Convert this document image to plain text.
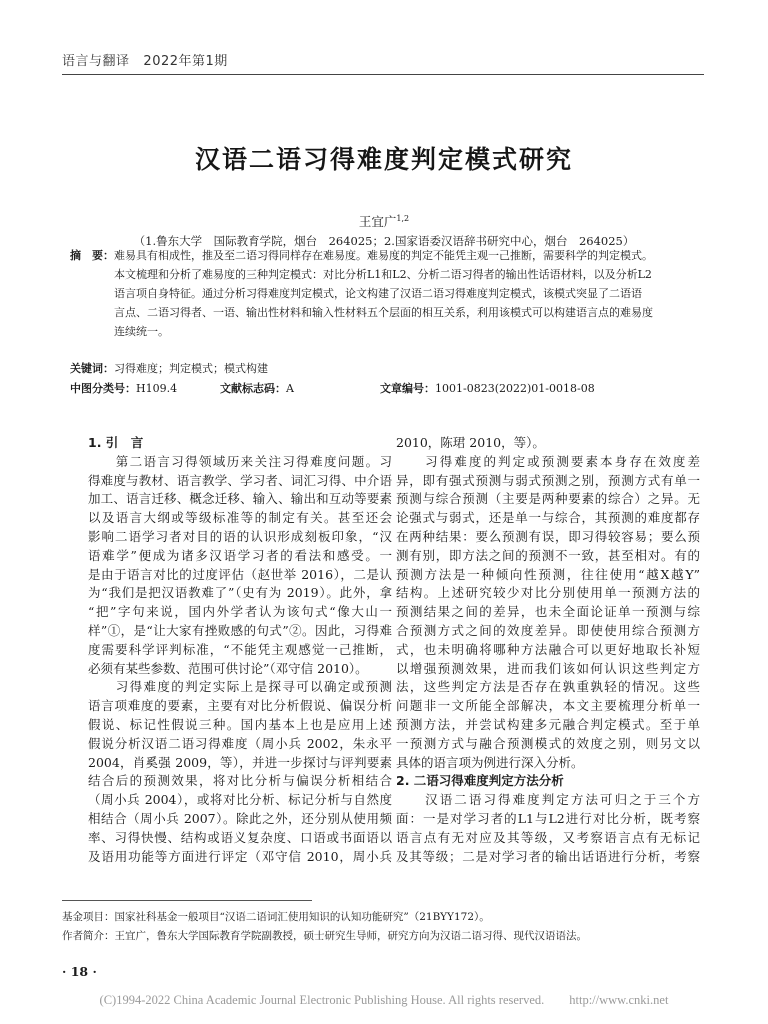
语言与翻译 2022年第1期
汉语二语习得难度判定模式研究
王宜广$^{1,2}$
（1.鲁东大学　国际教育学院，烟台　264025；2.国家语委汉语辞书研究中心，烟台　264025）
摘　要：难易具有相成性，推及至二语习得同样存在难易度。难易度的判定不能凭主观一己推断，需要科学的判定模式。
本文梳理和分析了难易度的三种判定模式：对比分析L1和L2、分析二语习得者的输出性话语材料，以及分析L2
语言项自身特征。通过分析习得难度判定模式，论文构建了汉语二语习得难度判定模式，该模式突显了二语语
言点、二语习得者、一语、输出性材料和输入性材料五个层面的相互关系，利用该模式可以构建语言点的难易度
连续统一。
关键词：习得难度；判定模式；模式构建
中图分类号：H109.4	文献标志码：A	文章编号：1001-0823(2022)01-0018-08
1. 引　言
　　第二语言习得领域历来关注习得难度问题。习
得难度与教材、语言教学、学习者、词汇习得、中介语
加工、语言迁移、概念迁移、输入、输出和互动等要素
以及语言大纲或等级标准等的制定有关。甚至还会
影响二语学习者对目的语的认识形成刻板印象，“汉
语难学”便成为诸多汉语学习者的看法和感受。一
是由于语言对比的过度评估（赵世举 2016），二是认
为“我们是把汉语教难了”（史有为 2019）。此外，拿
“把”字句来说，国内外学者认为该句式“像大山一
样”①，是“让大家有挫败感的句式”②。因此，习得难
度需要科学评判标准，“不能凭主观感觉一己推断，
必须有某些参数、范围可供讨论”（邓守信 2010）。
　　习得难度的判定实际上是探寻可以确定或预测
语言项难度的要素，主要有对比分析假说、偏误分析
假说、标记性假说三种。国内基本上也是应用上述
假说分析汉语二语习得难度（周小兵 2002，朱永平
2004，肖奚强 2009，等），并进一步探讨与评判要素
结合后的预测效果，将对比分析与偏误分析相结合
（周小兵 2004），或将对比分析、标记分析与自然度
相结合（周小兵 2007）。除此之外，还分别从使用频
率、习得快慢、结构或语义复杂度、口语或书面语以
及语用功能等方面进行评定（邓守信 2010，周小兵
2010，陈珺 2010，等）。
　　习得难度的判定或预测要素本身存在效度差
异，即有强式预测与弱式预测之别，预测方式有单一
预测与综合预测（主要是两种要素的综合）之异。无
论强式与弱式，还是单一与综合，其预测的难度都存
在两种结果：要么预测有误，即习得较容易；要么预
测有别，即方法之间的预测不一致，甚至相对。有的
预测方法是一种倾向性预测，往往使用“越X越Y”
结构。上述研究较少对比分别使用单一预测方法的
预测结果之间的差异，也未全面论证单一预测与综
合预测方式之间的效度差异。即使使用综合预测方
式，也未明确将哪种方法融合可以更好地取长补短
以增强预测效果，进而我们该如何认识这些判定方
法，这些判定方法是否存在孰重孰轻的情况。这些
问题非一文所能全部解决，本文主要梳理分析单一
预测方法，并尝试构建多元融合判定模式。至于单
一预测方式与融合预测模式的效度之别，则另文以
具体的语言项为例进行深入分析。
2. 二语习得难度判定方法分析
　　汉语二语习得难度判定方法可归之于三个方
面：一是对学习者的L1与L2进行对比分析，既考察
语言点有无对应及其等级，又考察语言点有无标记
及其等级；二是对学习者的输出话语进行分析，考察
基金项目：国家社科基金一般项目“汉语二语词汇使用知识的认知功能研究”（21BYY172）。
作者简介：王宜广，鲁东大学国际教育学院副教授，硕士研究生导师，研究方向为汉语二语习得、现代汉语语法。
· 18 ·
(C)1994-2022 China Academic Journal Electronic Publishing House. All rights reserved.　　http://www.cnki.net
